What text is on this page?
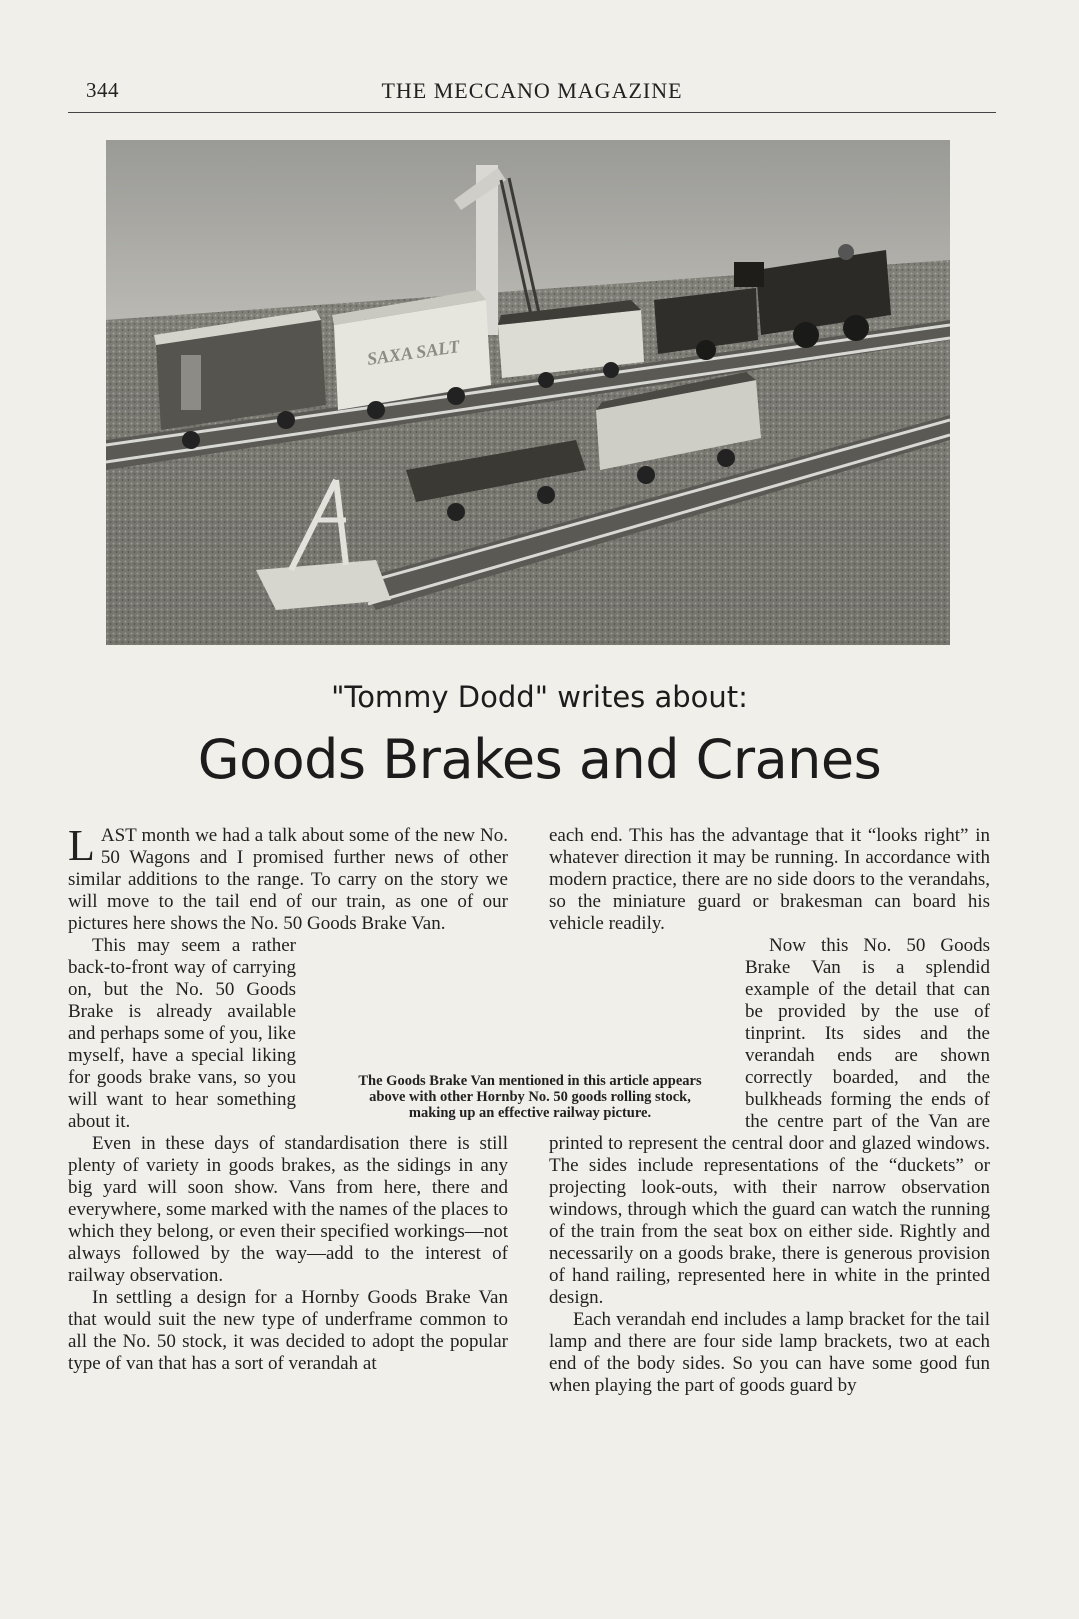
344	THE MECCANO MAGAZINE
SAXA SALT
"Tommy Dodd" writes about:
Goods Brakes and Cranes

LAST month we had a talk about some of the new No. 50 Wagons and I promised further news of other similar additions to the range. To carry on the story we will move to the tail end of our train, as one of our pictures here shows the No. 50 Goods Brake Van.

This may seem a rather back-to-front way of carrying on, but the No. 50 Goods Brake is already available and perhaps some of you, like myself, have a special liking for goods brake vans, so you will want to hear something about it.

Even in these days of standardisation there is still plenty of variety in goods brakes, as the sidings in any big yard will soon show. Vans from here, there and everywhere, some marked with the names of the places to which they belong, or even their specified workings—not always followed by the way—add to the interest of railway observation.

In settling a design for a Hornby Goods Brake Van that would suit the new type of underframe common to all the No. 50 stock, it was decided to adopt the popular type of van that has a sort of verandah at

The Goods Brake Van mentioned in this article appears above with other Hornby No. 50 goods rolling stock, making up an effective railway picture.

each end. This has the advantage that it “looks right” in whatever direction it may be running. In accordance with modern practice, there are no side doors to the verandahs, so the miniature guard or brakesman can board his vehicle readily.

Now this No. 50 Goods Brake Van is a splendid example of the detail that can be provided by the use of tinprint. Its sides and the verandah ends are shown correctly boarded, and the bulkheads forming the ends of the centre part of the Van are printed to represent the central door and glazed windows. The sides include representations of the “duckets” or projecting look-outs, with their narrow observation windows, through which the guard can watch the running of the train from the seat box on either side. Rightly and necessarily on a goods brake, there is generous provision of hand railing, represented here in white in the printed design.

Each verandah end includes a lamp bracket for the tail lamp and there are four side lamp brackets, two at each end of the body sides. So you can have some good fun when playing the part of goods guard by
